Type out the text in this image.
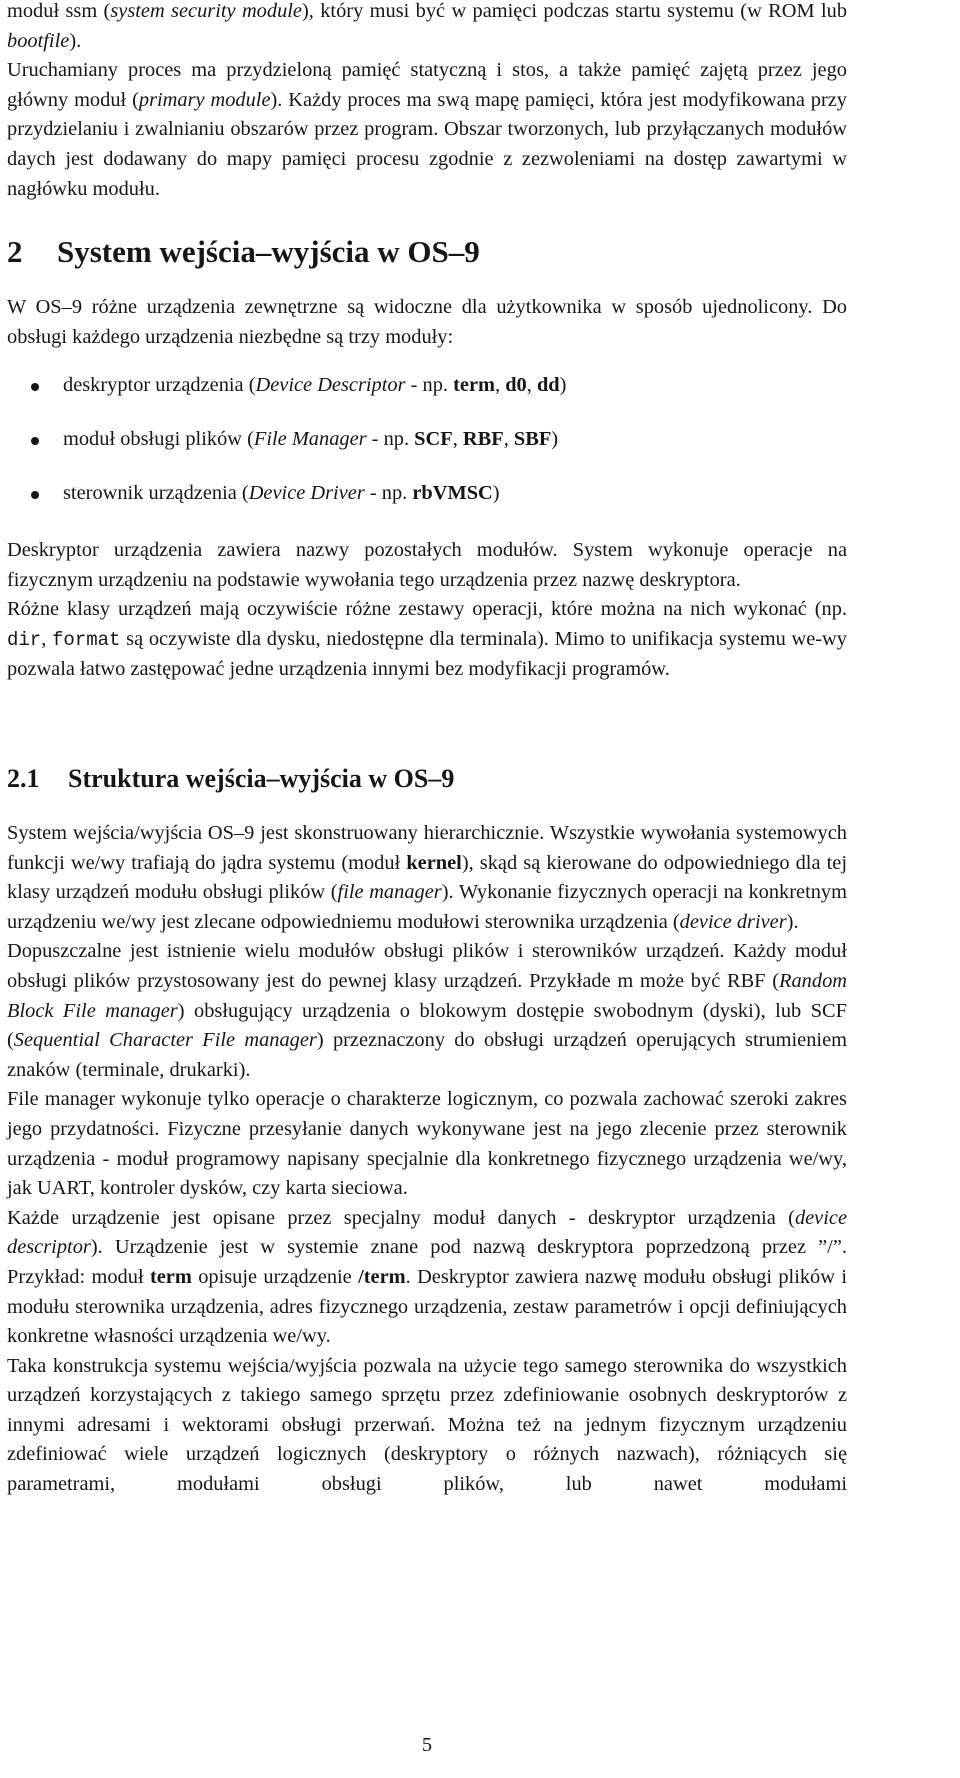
moduł ssm (system security module), który musi być w pamięci podczas startu systemu (w ROM lub bootfile).

Uruchamiany proces ma przydzieloną pamięć statyczną i stos, a także pamięć zajętą przez jego główny moduł (primary module). Każdy proces ma swą mapę pamięci, która jest modyfikowana przy przydzielaniu i zwalnianiu obszarów przez program. Obszar tworzonych, lub przyłączanych modułów daych jest dodawany do mapy pamięci procesu zgodnie z zezwoleniami na dostęp zawartymi w nagłówku modułu.

2 System wejścia–wyjścia w OS–9

W OS–9 różne urządzenia zewnętrzne są widoczne dla użytkownika w sposób ujednolicony. Do obsługi każdego urządzenia niezbędne są trzy moduły:

deskryptor urządzenia (Device Descriptor - np. term, d0, dd)
moduł obsługi plików (File Manager - np. SCF, RBF, SBF)
sterownik urządzenia (Device Driver - np. rbVMSC)

Deskryptor urządzenia zawiera nazwy pozostałych modułów. System wykonuje operacje na fizycznym urządzeniu na podstawie wywołania tego urządzenia przez nazwę deskryptora.

Różne klasy urządzeń mają oczywiście różne zestawy operacji, które można na nich wykonać (np. dir, format są oczywiste dla dysku, niedostępne dla terminala). Mimo to unifikacja systemu we-wy pozwala łatwo zastępować jedne urządzenia innymi bez modyfikacji programów.

2.1 Struktura wejścia–wyjścia w OS–9

System wejścia/wyjścia OS–9 jest skonstruowany hierarchicznie. Wszystkie wywołania systemowych funkcji we/wy trafiają do jądra systemu (moduł kernel), skąd są kierowane do odpowiedniego dla tej klasy urządzeń modułu obsługi plików (file manager). Wykonanie fizycznych operacji na konkretnym urządzeniu we/wy jest zlecane odpowiedniemu modułowi sterownika urządzenia (device driver).

Dopuszczalne jest istnienie wielu modułów obsługi plików i sterowników urządzeń. Każdy moduł obsługi plików przystosowany jest do pewnej klasy urządzeń. Przykłade m może być RBF (Random Block File manager) obsługujący urządzenia o blokowym dostępie swobodnym (dyski), lub SCF (Sequential Character File manager) przeznaczony do obsługi urządzeń operujących strumieniem znaków (terminale, drukarki).

File manager wykonuje tylko operacje o charakterze logicznym, co pozwala zachować szeroki zakres jego przydatności. Fizyczne przesyłanie danych wykonywane jest na jego zlecenie przez sterownik urządzenia - moduł programowy napisany specjalnie dla konkretnego fizycznego urządzenia we/wy, jak UART, kontroler dysków, czy karta sieciowa.

Każde urządzenie jest opisane przez specjalny moduł danych - deskryptor urządzenia (device descriptor). Urządzenie jest w systemie znane pod nazwą deskryptora poprzedzoną przez ”/”. Przykład: moduł term opisuje urządzenie /term. Deskryptor zawiera nazwę modułu obsługi plików i modułu sterownika urządzenia, adres fizycznego urządzenia, zestaw parametrów i opcji definiujących konkretne własności urządzenia we/wy.

Taka konstrukcja systemu wejścia/wyjścia pozwala na użycie tego samego sterownika do wszystkich urządzeń korzystających z takiego samego sprzętu przez zdefiniowanie osobnych deskryptorów z innymi adresami i wektorami obsługi przerwań. Można też na jednym fizycznym urządzeniu zdefiniować wiele urządzeń logicznych (deskryptory o różnych nazwach), różniących się parametrami, modułami obsługi plików, lub nawet modułami

5
